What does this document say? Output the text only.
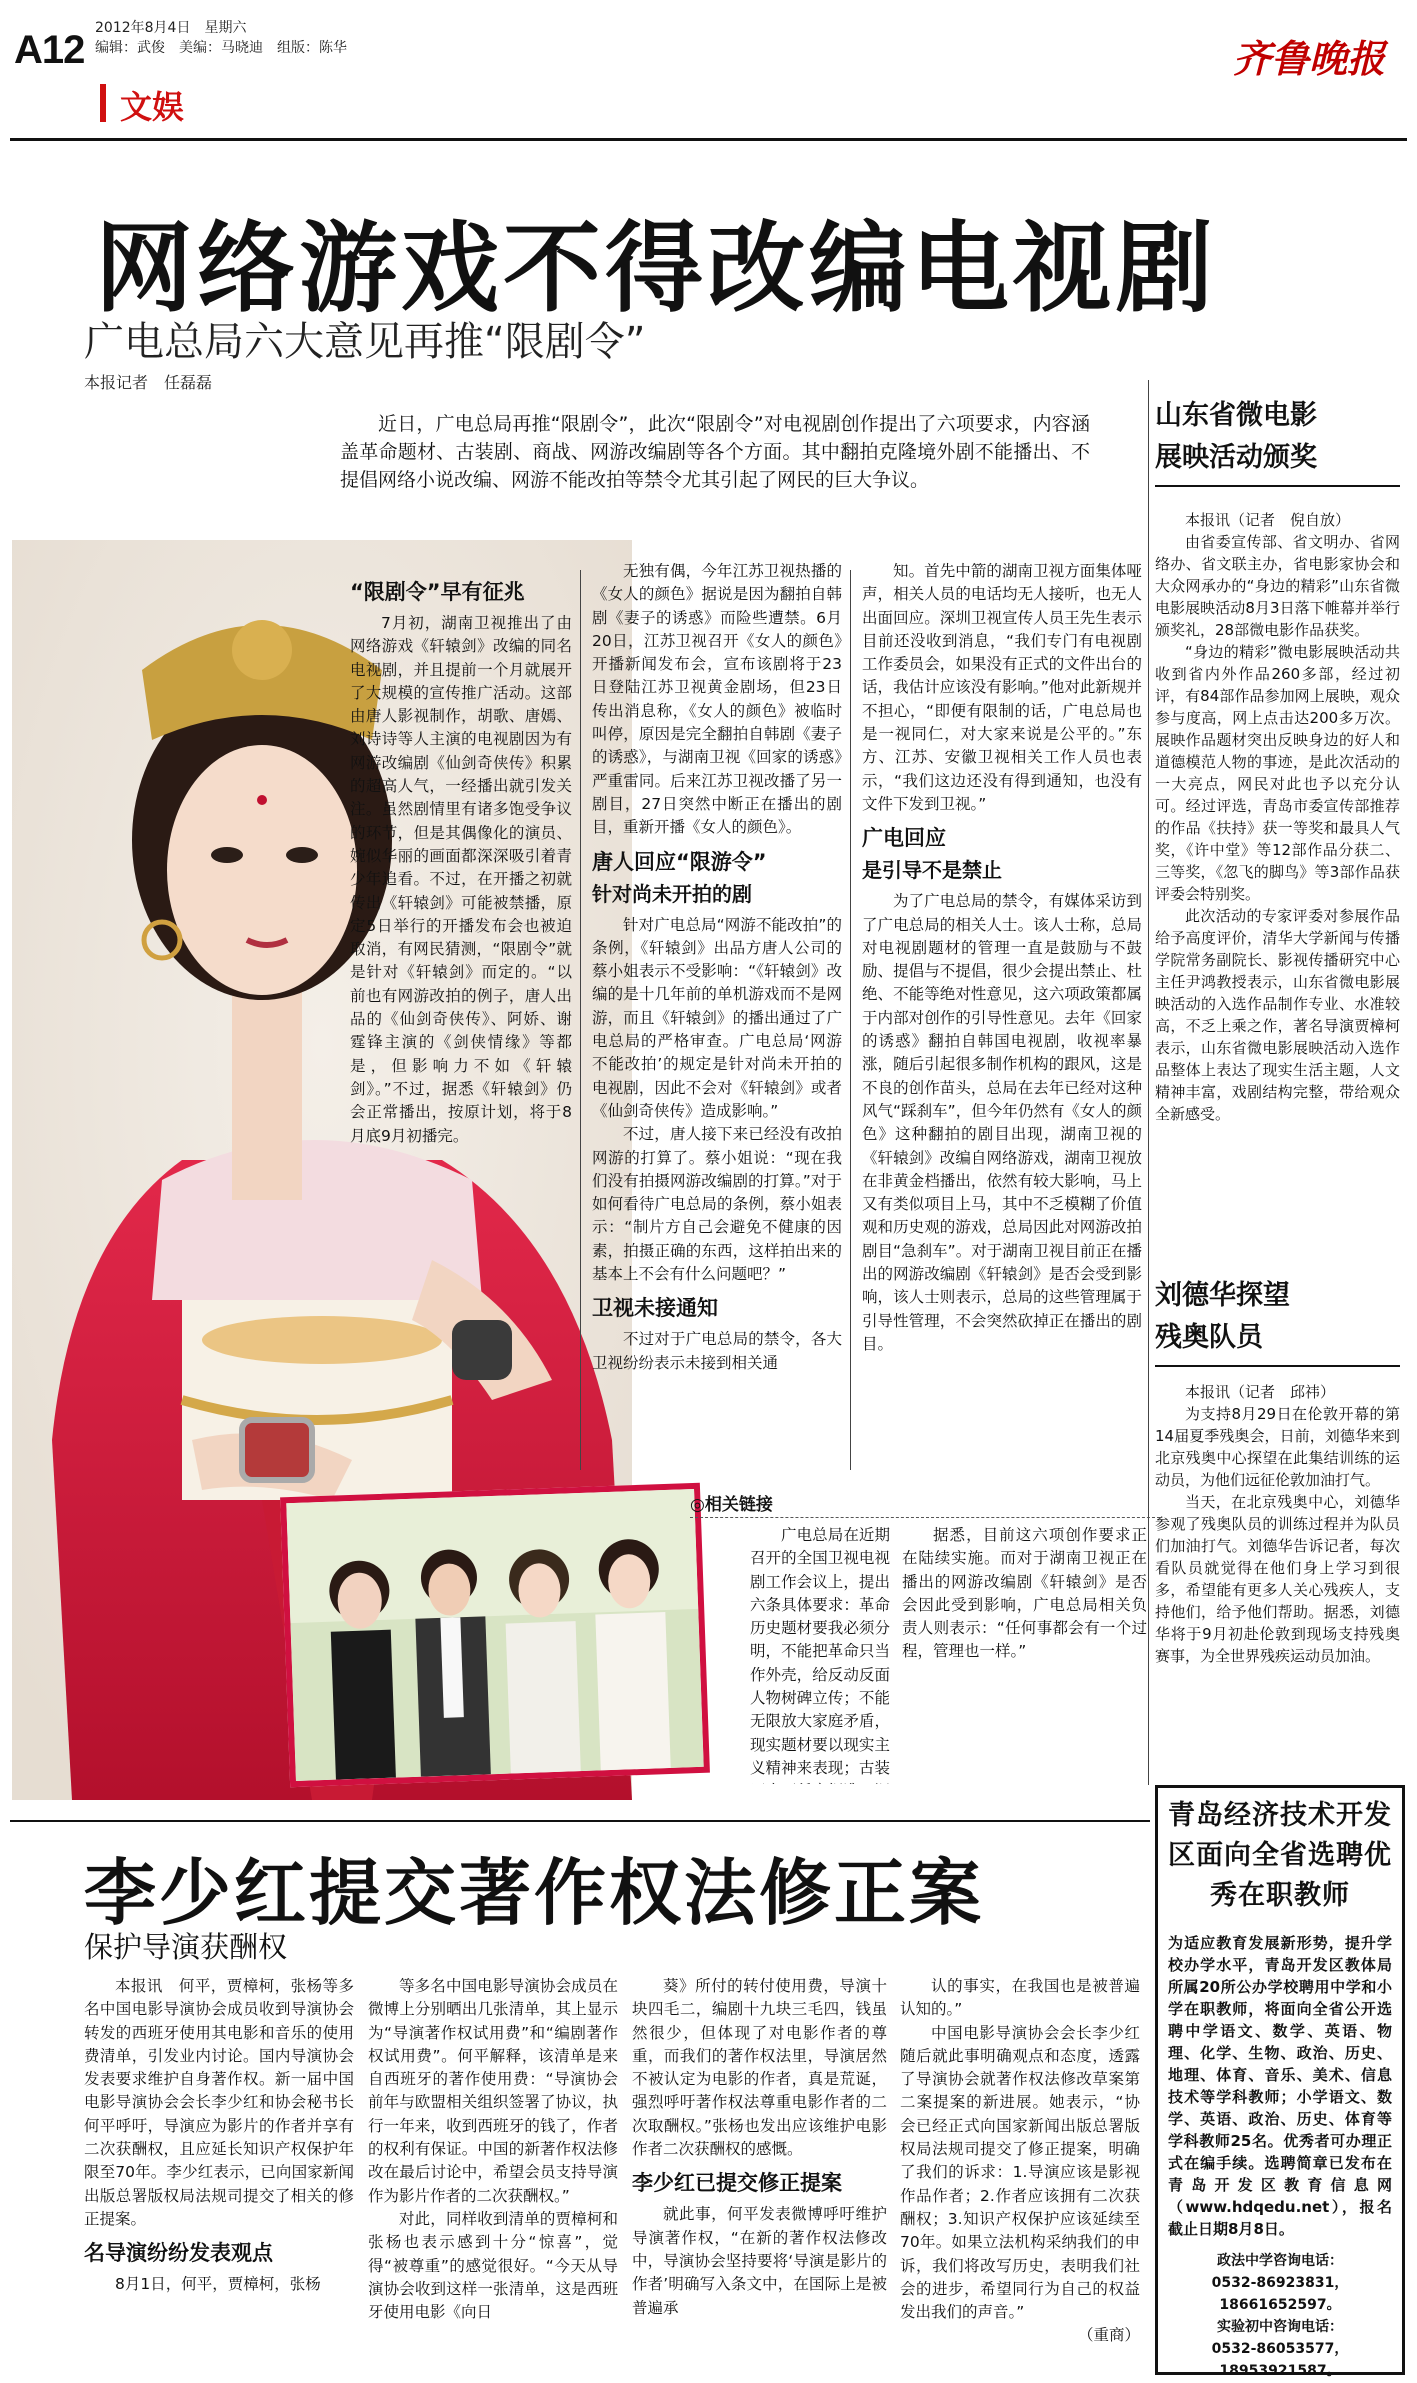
A12 2012年8月4日　 星期六
编辑：武俊　美编：马晓迪　组版：陈华
文娱
齐鲁晚报
网络游戏不得改编电视剧
广电总局六大意见再推“限剧令”
本报记者　任磊磊
近日，广电总局再推“限剧令”，此次“限剧令”对电视剧创作提出了六项要求，内容涵盖革命题材、古装剧、商战、网游改编剧等各个方面。其中翻拍克隆境外剧不能播出、不提倡网络小说改编、网游不能改拍等禁令尤其引起了网民的巨大争议。
“限剧令”早有征兆

7月初，湖南卫视推出了由网络游戏《轩辕剑》改编的同名电视剧，并且提前一个月就展开了大规模的宣传推广活动。这部由唐人影视制作，胡歌、唐嫣、刘诗诗等人主演的电视剧因为有网游改编剧《仙剑奇侠传》积累的超高人气，一经播出就引发关注。虽然剧情里有诸多饱受争议的环节，但是其偶像化的演员、婉似华丽的画面都深深吸引着青少年追看。不过，在开播之初就传出《轩辕剑》可能被禁播，原定5日举行的开播发布会也被迫取消，有网民猜测，“限剧令”就是针对《轩辕剑》而定的。“以前也有网游改拍的例子，唐人出品的《仙剑奇侠传》、阿娇、谢霆锋主演的《剑侠情缘》等都是，但影响力不如《轩辕剑》。”不过，据悉《轩辕剑》仍会正常播出，按原计划，将于8月底9月初播完。

无独有偶，今年江苏卫视热播的《女人的颜色》据说是因为翻拍自韩剧《妻子的诱惑》而险些遭禁。6月20日，江苏卫视召开《女人的颜色》开播新闻发布会，宣布该剧将于23日登陆江苏卫视黄金剧场，但23日传出消息称，《女人的颜色》被临时叫停，原因是完全翻拍自韩剧《妻子的诱惑》，与湖南卫视《回家的诱惑》严重雷同。后来江苏卫视改播了另一剧目，27日突然中断正在播出的剧目，重新开播《女人的颜色》。

唐人回应“限游令”
针对尚未开拍的剧

针对广电总局“网游不能改拍”的条例，《轩辕剑》出品方唐人公司的蔡小姐表示不受影响：“《轩辕剑》改编的是十几年前的单机游戏而不是网游，而且《轩辕剑》的播出通过了广电总局的严格审查。广电总局‘网游不能改拍’的规定是针对尚未开拍的电视剧，因此不会对《轩辕剑》或者《仙剑奇侠传》造成影响。”

不过，唐人接下来已经没有改拍网游的打算了。蔡小姐说：“现在我们没有拍摄网游改编剧的打算。”对于如何看待广电总局的条例，蔡小姐表示：“制片方自己会避免不健康的因素，拍摄正确的东西，这样拍出来的基本上不会有什么问题吧？”

卫视未接通知

不过对于广电总局的禁令，各大卫视纷纷表示未接到相关通

知。首先中箭的湖南卫视方面集体哑声，相关人员的电话均无人接听，也无人出面回应。深圳卫视宣传人员王先生表示目前还没收到消息，“我们专门有电视剧工作委员会，如果没有正式的文件出台的话，我估计应该没有影响。”他对此新规并不担心，“即便有限制的话，广电总局也是一视同仁，对大家来说是公平的。”东方、江苏、安徽卫视相关工作人员也表示，“我们这边还没有得到通知，也没有文件下发到卫视。”

广电回应
是引导不是禁止

为了广电总局的禁令，有媒体采访到了广电总局的相关人士。该人士称，总局对电视剧题材的管理一直是鼓励与不鼓励、提倡与不提倡，很少会提出禁止、杜绝、不能等绝对性意见，这六项政策都属于内部对创作的引导性意见。去年《回家的诱惑》翻拍自韩国电视剧，收视率暴涨，随后引起很多制作机构的跟风，这是不良的创作苗头，总局在去年已经对这种风气“踩刹车”，但今年仍然有《女人的颜色》这种翻拍的剧目出现，湖南卫视的《轩辕剑》改编自网络游戏，湖南卫视放在非黄金档播出，依然有较大影响，马上又有类似项目上马，其中不乏模糊了价值观和历史观的游戏，总局因此对网游改拍剧目“急刹车”。对于湖南卫视目前正在播出的网游改编剧《轩辕剑》是否会受到影响，该人士则表示，总局的这些管理属于引导性管理，不会突然砍掉正在播出的剧目。

◎相关链接

广电总局在近期召开的全国卫视电视剧工作会议上，提出六条具体要求：革命历史题材要我必须分明，不能把革命只当作外壳，给反动反面人物树碑立传；不能无限放大家庭矛盾，现实题材要以现实主义精神来表现；古装

据悉，目前这六项创作要求正在陆续实施。而对于湖南卫视正在播出的网游改编剧《轩辕剑》是否会因此受到影响，广电总局相关负责人则表示：“任何事都会有一个过程，管理也一样。”

山东省微电影
展映活动颁奖

本报讯（记者　倪自放）

由省委宣传部、省文明办、省网络办、省文联主办，省电影家协会和大众网承办的“身边的精彩”山东省微电影展映活动8月3日落下帷幕并举行颁奖礼，28部微电影作品获奖。

“身边的精彩”微电影展映活动共收到省内外作品260多部，经过初评，有84部作品参加网上展映，观众参与度高，网上点击达200多万次。展映作品题材突出反映身边的好人和道德模范人物的事迹，是此次活动的一大亮点，网民对此也予以充分认可。经过评选，青岛市委宣传部推荐的作品《扶持》获一等奖和最具人气奖，《许中堂》等12部作品分获二、三等奖，《忽飞的脚鸟》等3部作品获评委会特别奖。

此次活动的专家评委对参展作品给予高度评价，清华大学新闻与传播学院常务副院长、影视传播研究中心主任尹鸿教授表示，山东省微电影展映活动的入选作品制作专业、水准较高，不乏上乘之作，著名导演贾樟柯表示，山东省微电影展映活动入选作品整体上表达了现实生活主题，人文精神丰富，戏剧结构完整，带给观众全新感受。

刘德华探望
残奥队员

本报讯（记者　邱祎）

为支持8月29日在伦敦开幕的第14届夏季残奥会，日前，刘德华来到北京残奥中心探望在此集结训练的运动员，为他们远征伦敦加油打气。

当天，在北京残奥中心，刘德华参观了残奥队员的训练过程并为队员们加油打气。刘德华告诉记者，每次看队员就觉得在他们身上学习到很多，希望能有更多人关心残疾人，支持他们，给予他们帮助。据悉，刘德华将于9月初赴伦敦到现场支持残奥赛事，为全世界残疾运动员加油。

青岛经济技术开发区面向全省选聘优秀在职教师
为适应教育发展新形势，提升学校办学水平，青岛开发区教体局所属20所公办学校聘用中学和小学在职教师，将面向全省公开选聘中学语文、数学、英语、物理、化学、生物、政治、历史、地理、体育、音乐、美术、信息技术等学科教师；小学语文、数学、英语、政治、历史、体育等学科教师25名。优秀者可办理正式在编手续。选聘简章已发布在青岛开发区教育信息网（www.hdqedu.net），报名截止日期8月8日。
政法中学咨询电话：
0532-86923831，18661652597。
实验初中咨询电话：
0532-86053577，18953921587。
李少红提交著作权法修正案
保护导演获酬权

本报讯　何平，贾樟柯，张杨等多名中国电影导演协会成员收到导演协会转发的西班牙使用其电影和音乐的使用费清单，引发业内讨论。国内导演协会发表要求维护自身著作权。新一届中国电影导演协会会长李少红和协会秘书长何平呼吁，导演应为影片的作者并享有二次获酬权，且应延长知识产权保护年限至70年。李少红表示，已向国家新闻出版总署版权局法规司提交了相关的修正提案。

名导演纷纷发表观点

8月1日，何平，贾樟柯，张杨

等多名中国电影导演协会成员在微博上分别晒出几张清单，其上显示为“导演著作权试用费”和“编剧著作权试用费”。何平解释，该清单是来自西班牙的著作使用费：“导演协会前年与欧盟相关组织签署了协议，执行一年来，收到西班牙的钱了，作者的权利有保证。中国的新著作权法修改在最后讨论中，希望会员支持导演作为影片作者的二次获酬权。”

对此，同样收到清单的贾樟柯和张杨也表示感到十分“惊喜”，觉得“被尊重”的感觉很好。“今天从导演协会收到这样一张清单，这是西班牙使用电影《向日

葵》所付的转付使用费，导演十块四毛二，编剧十九块三毛四，钱虽然很少，但体现了对电影作者的尊重，而我们的著作权法里，导演居然不被认定为电影的作者，真是荒诞，强烈呼吁著作权法尊重电影作者的二次取酬权。”张杨也发出应该维护电影作者二次获酬权的感慨。

李少红已提交修正提案

就此事，何平发表微博呼吁维护导演著作权，“在新的著作权法修改中，导演协会坚持要将‘导演是影片的作者’明确写入条文中，在国际上是被普遍承

认的事实，在我国也是被普遍认知的。”

中国电影导演协会会长李少红随后就此事明确观点和态度，透露了导演协会就著作权法修改草案第二案提案的新进展。她表示，“协会已经正式向国家新闻出版总署版权局法规司提交了修正提案，明确了我们的诉求：1.导演应该是影视作品作者；2.作者应该拥有二次获酬权；3.知识产权保护应该延续至70年。如果立法机构采纳我们的申诉，我们将改写历史，表明我们社会的进步，希望同行为自己的权益发出我们的声音。”

（重商）
